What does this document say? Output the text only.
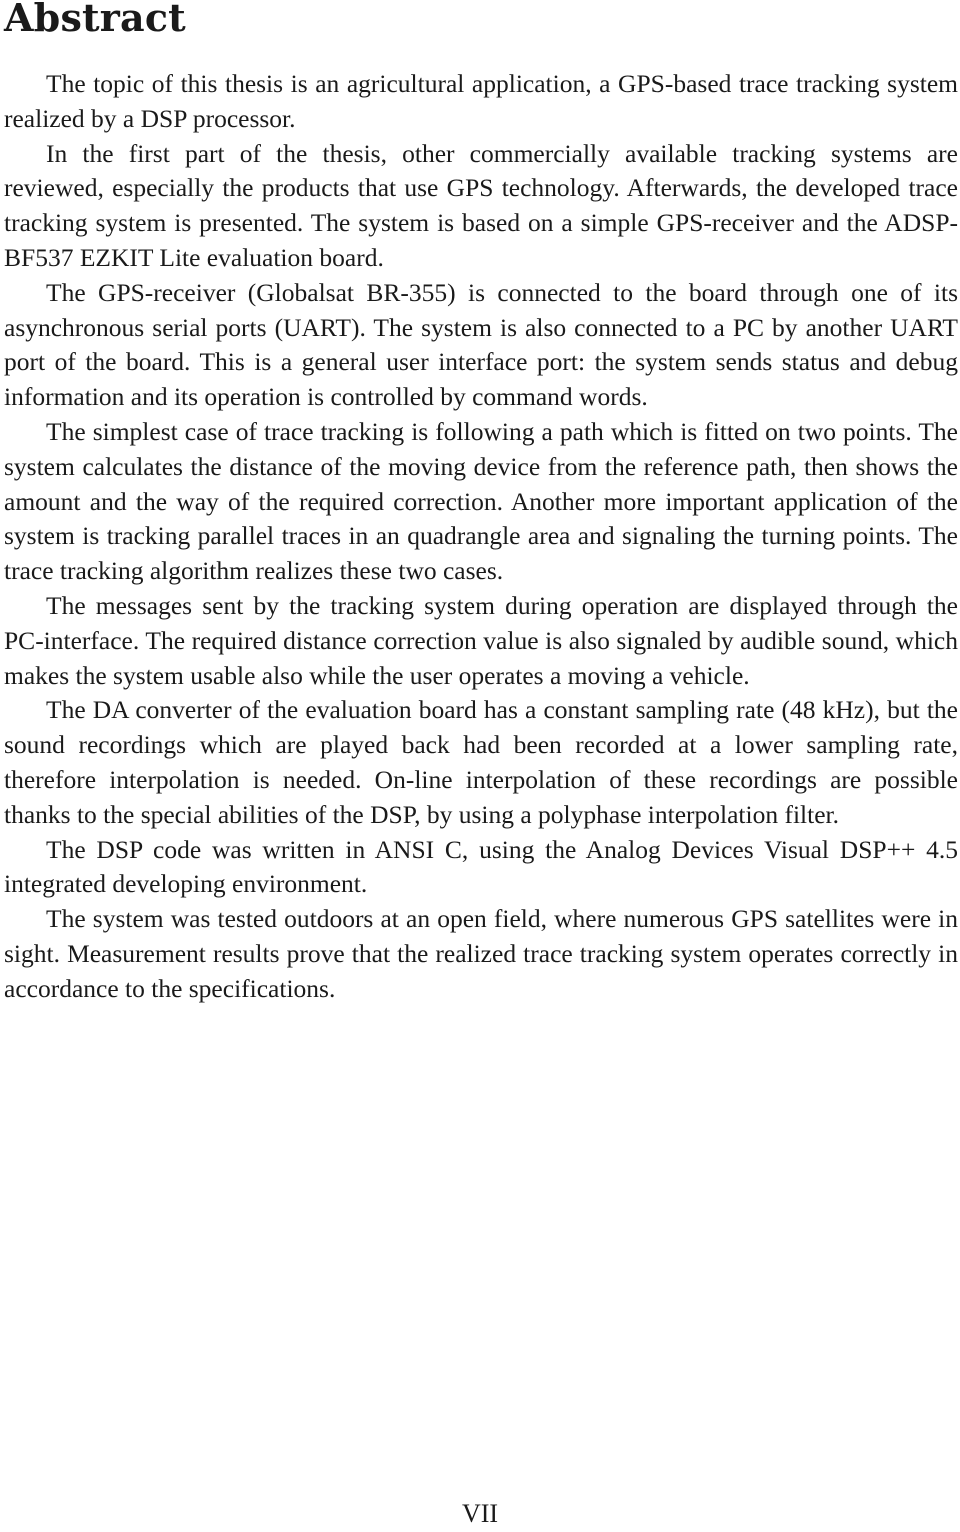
Abstract

The topic of this thesis is an agricultural application, a GPS-based trace tracking system realized by a DSP processor.

In the first part of the thesis, other commercially available tracking systems are reviewed, especially the products that use GPS technology. Afterwards, the developed trace tracking system is presented. The system is based on a simple GPS-receiver and the ADSP-BF537 EZKIT Lite evaluation board.

The GPS-receiver (Globalsat BR-355) is connected to the board through one of its asynchronous serial ports (UART). The system is also connected to a PC by another UART port of the board. This is a general user interface port: the system sends status and debug information and its operation is controlled by command words.

The simplest case of trace tracking is following a path which is fitted on two points. The system calculates the distance of the moving device from the reference path, then shows the amount and the way of the required correction. Another more important application of the system is tracking parallel traces in an quadrangle area and signaling the turning points. The trace tracking algorithm realizes these two cases.

The messages sent by the tracking system during operation are displayed through the PC-interface. The required distance correction value is also signaled by audible sound, which makes the system usable also while the user operates a moving a vehicle.

The DA converter of the evaluation board has a constant sampling rate (48 kHz), but the sound recordings which are played back had been recorded at a lower sampling rate, therefore interpolation is needed. On-line interpolation of these recordings are possible thanks to the special abilities of the DSP, by using a polyphase interpolation filter.

The DSP code was written in ANSI C, using the Analog Devices Visual DSP++ 4.5 integrated developing environment.

The system was tested outdoors at an open field, where numerous GPS satellites were in sight. Measurement results prove that the realized trace tracking system operates correctly in accordance to the specifications.

VII
